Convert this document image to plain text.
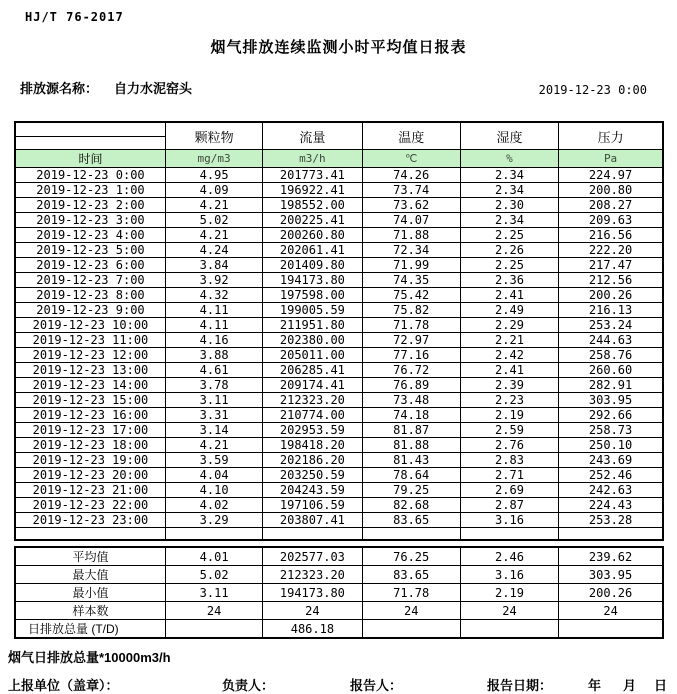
HJ/T 76-2017
烟气排放连续监测小时平均值日报表
排放源名称： 自力水泥窑头	2019-12-23 0:00
	颗粒物	流量	温度	湿度	压力

时间	mg/m3	m3/h	℃	%	Pa
2019-12-23 0:00	4.95	201773.41	74.26	2.34	224.97
2019-12-23 1:00	4.09	196922.41	73.74	2.34	200.80
2019-12-23 2:00	4.21	198552.00	73.62	2.30	208.27
2019-12-23 3:00	5.02	200225.41	74.07	2.34	209.63
2019-12-23 4:00	4.21	200260.80	71.88	2.25	216.56
2019-12-23 5:00	4.24	202061.41	72.34	2.26	222.20
2019-12-23 6:00	3.84	201409.80	71.99	2.25	217.47
2019-12-23 7:00	3.92	194173.80	74.35	2.36	212.56
2019-12-23 8:00	4.32	197598.00	75.42	2.41	200.26
2019-12-23 9:00	4.11	199005.59	75.82	2.49	216.13
2019-12-23 10:00	4.11	211951.80	71.78	2.29	253.24
2019-12-23 11:00	4.16	202380.00	72.97	2.21	244.63
2019-12-23 12:00	3.88	205011.00	77.16	2.42	258.76
2019-12-23 13:00	4.61	206285.41	76.72	2.41	260.60
2019-12-23 14:00	3.78	209174.41	76.89	2.39	282.91
2019-12-23 15:00	3.11	212323.20	73.48	2.23	303.95
2019-12-23 16:00	3.31	210774.00	74.18	2.19	292.66
2019-12-23 17:00	3.14	202953.59	81.87	2.59	258.73
2019-12-23 18:00	4.21	198418.20	81.88	2.76	250.10
2019-12-23 19:00	3.59	202186.20	81.43	2.83	243.69
2019-12-23 20:00	4.04	203250.59	78.64	2.71	252.46
2019-12-23 21:00	4.10	204243.59	79.25	2.69	242.63
2019-12-23 22:00	4.02	197106.59	82.68	2.87	224.43
2019-12-23 23:00	3.29	203807.41	83.65	3.16	253.28

平均值	4.01	202577.03	76.25	2.46	239.62
最大值	5.02	212323.20	83.65	3.16	303.95
最小值	3.11	194173.80	71.78	2.19	200.26
样本数	24	24	24	24	24
日排放总量 (T/D)		486.18			
烟气日排放总量*10000m3/h
上报单位（盖章）：	负责人：	报告人：	报告日期：	年 月 日
